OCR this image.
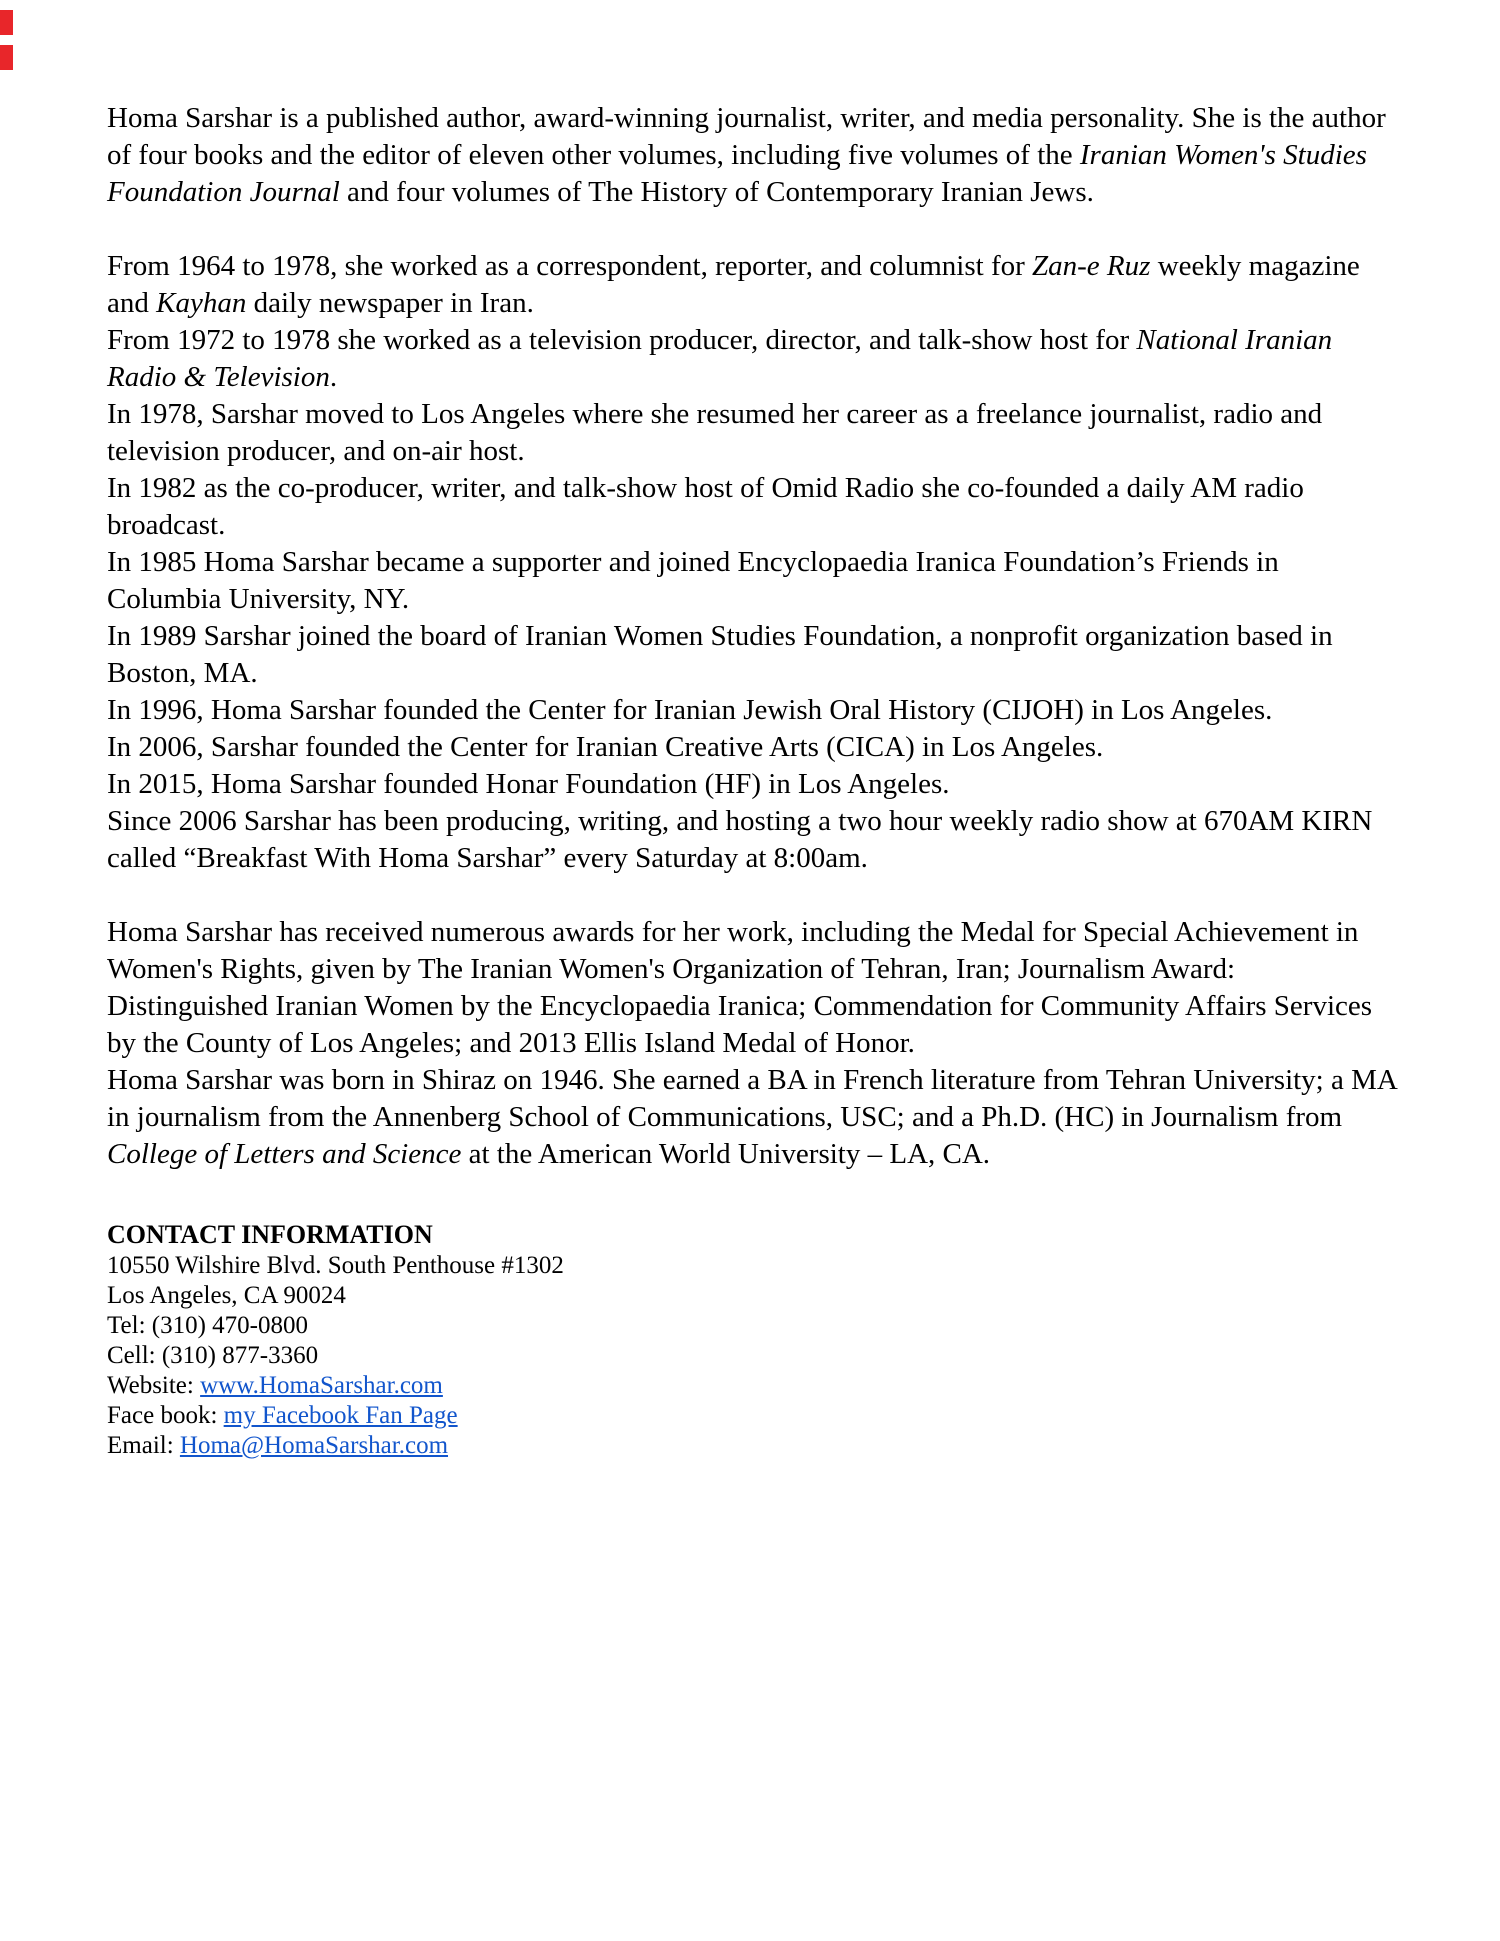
Homa Sarshar is a published author, award-winning journalist, writer, and media personality. She is the author of four books and the editor of eleven other volumes, including five volumes of the Iranian Women's Studies Foundation Journal and four volumes of The History of Contemporary Iranian Jews.

From 1964 to 1978, she worked as a correspondent, reporter, and columnist for Zan-e Ruz weekly magazine and Kayhan daily newspaper in Iran.

From 1972 to 1978 she worked as a television producer, director, and talk-show host for National Iranian Radio & Television.

In 1978, Sarshar moved to Los Angeles where she resumed her career as a freelance journalist, radio and television producer, and on-air host.

In 1982 as the co-producer, writer, and talk-show host of Omid Radio she co-founded a daily AM radio broadcast.

In 1985 Homa Sarshar became a supporter and joined Encyclopaedia Iranica Foundation’s Friends in Columbia University, NY.

In 1989 Sarshar joined the board of Iranian Women Studies Foundation, a nonprofit organization based in Boston, MA.

In 1996, Homa Sarshar founded the Center for Iranian Jewish Oral History (CIJOH) in Los Angeles.

In 2006, Sarshar founded the Center for Iranian Creative Arts (CICA) in Los Angeles.

In 2015, Homa Sarshar founded Honar Foundation (HF) in Los Angeles.

Since 2006 Sarshar has been producing, writing, and hosting a two hour weekly radio show at 670AM KIRN called “Breakfast With Homa Sarshar” every Saturday at 8:00am.

Homa Sarshar has received numerous awards for her work, including the Medal for Special Achievement in Women's Rights, given by The Iranian Women's Organization of Tehran, Iran; Journalism Award: Distinguished Iranian Women by the Encyclopaedia Iranica; Commendation for Community Affairs Services by the County of Los Angeles; and 2013 Ellis Island Medal of Honor.

Homa Sarshar was born in Shiraz on 1946. She earned a BA in French literature from Tehran University; a MA in journalism from the Annenberg School of Communications, USC; and a Ph.D. (HC) in Journalism from College of Letters and Science at the American World University – LA, CA.

CONTACT INFORMATION

10550 Wilshire Blvd. South Penthouse #1302

Los Angeles, CA 90024

Tel: (310) 470-0800

Cell: (310) 877-3360

Website: www.HomaSarshar.com

Face book: my Facebook Fan Page

Email: Homa@HomaSarshar.com
